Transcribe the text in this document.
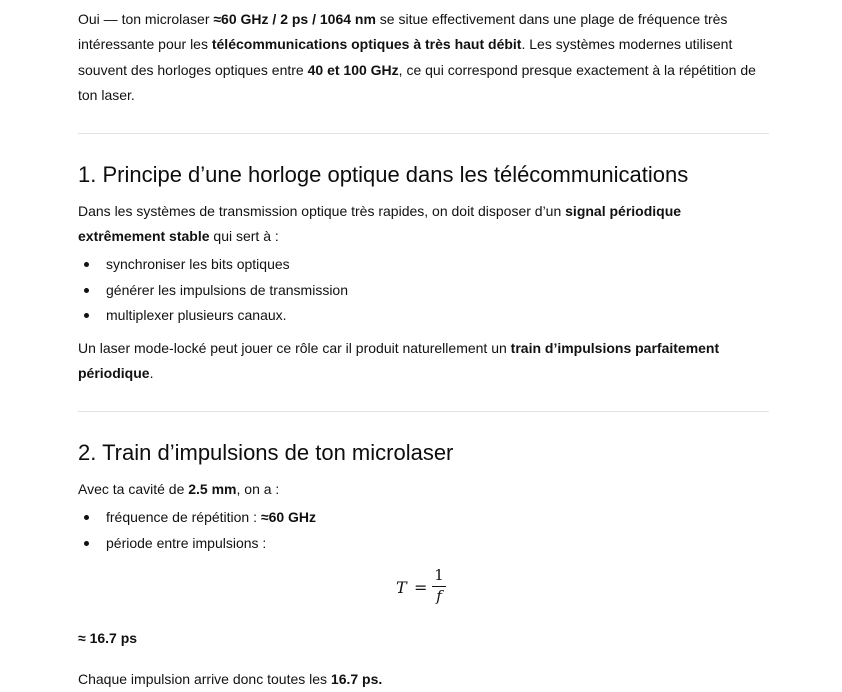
Oui — ton microlaser ≈60 GHz / 2 ps / 1064 nm se situe effectivement dans une plage de fréquence très intéressante pour les télécommunications optiques à très haut débit. Les systèmes modernes utilisent souvent des horloges optiques entre 40 et 100 GHz, ce qui correspond presque exactement à la répétition de ton laser.

1. Principe d’une horloge optique dans les télécommunications

Dans les systèmes de transmission optique très rapides, on doit disposer d’un signal périodique extrêmement stable qui sert à :

synchroniser les bits optiques
générer les impulsions de transmission
multiplexer plusieurs canaux.

Un laser mode-locké peut jouer ce rôle car il produit naturellement un train d’impulsions parfaitement périodique.

2. Train d’impulsions de ton microlaser

Avec ta cavité de 2.5 mm, on a :

fréquence de répétition : ≈60 GHz
période entre impulsions :
T =
1
f

≈ 16.7 ps

Chaque impulsion arrive donc toutes les 16.7 ps.
